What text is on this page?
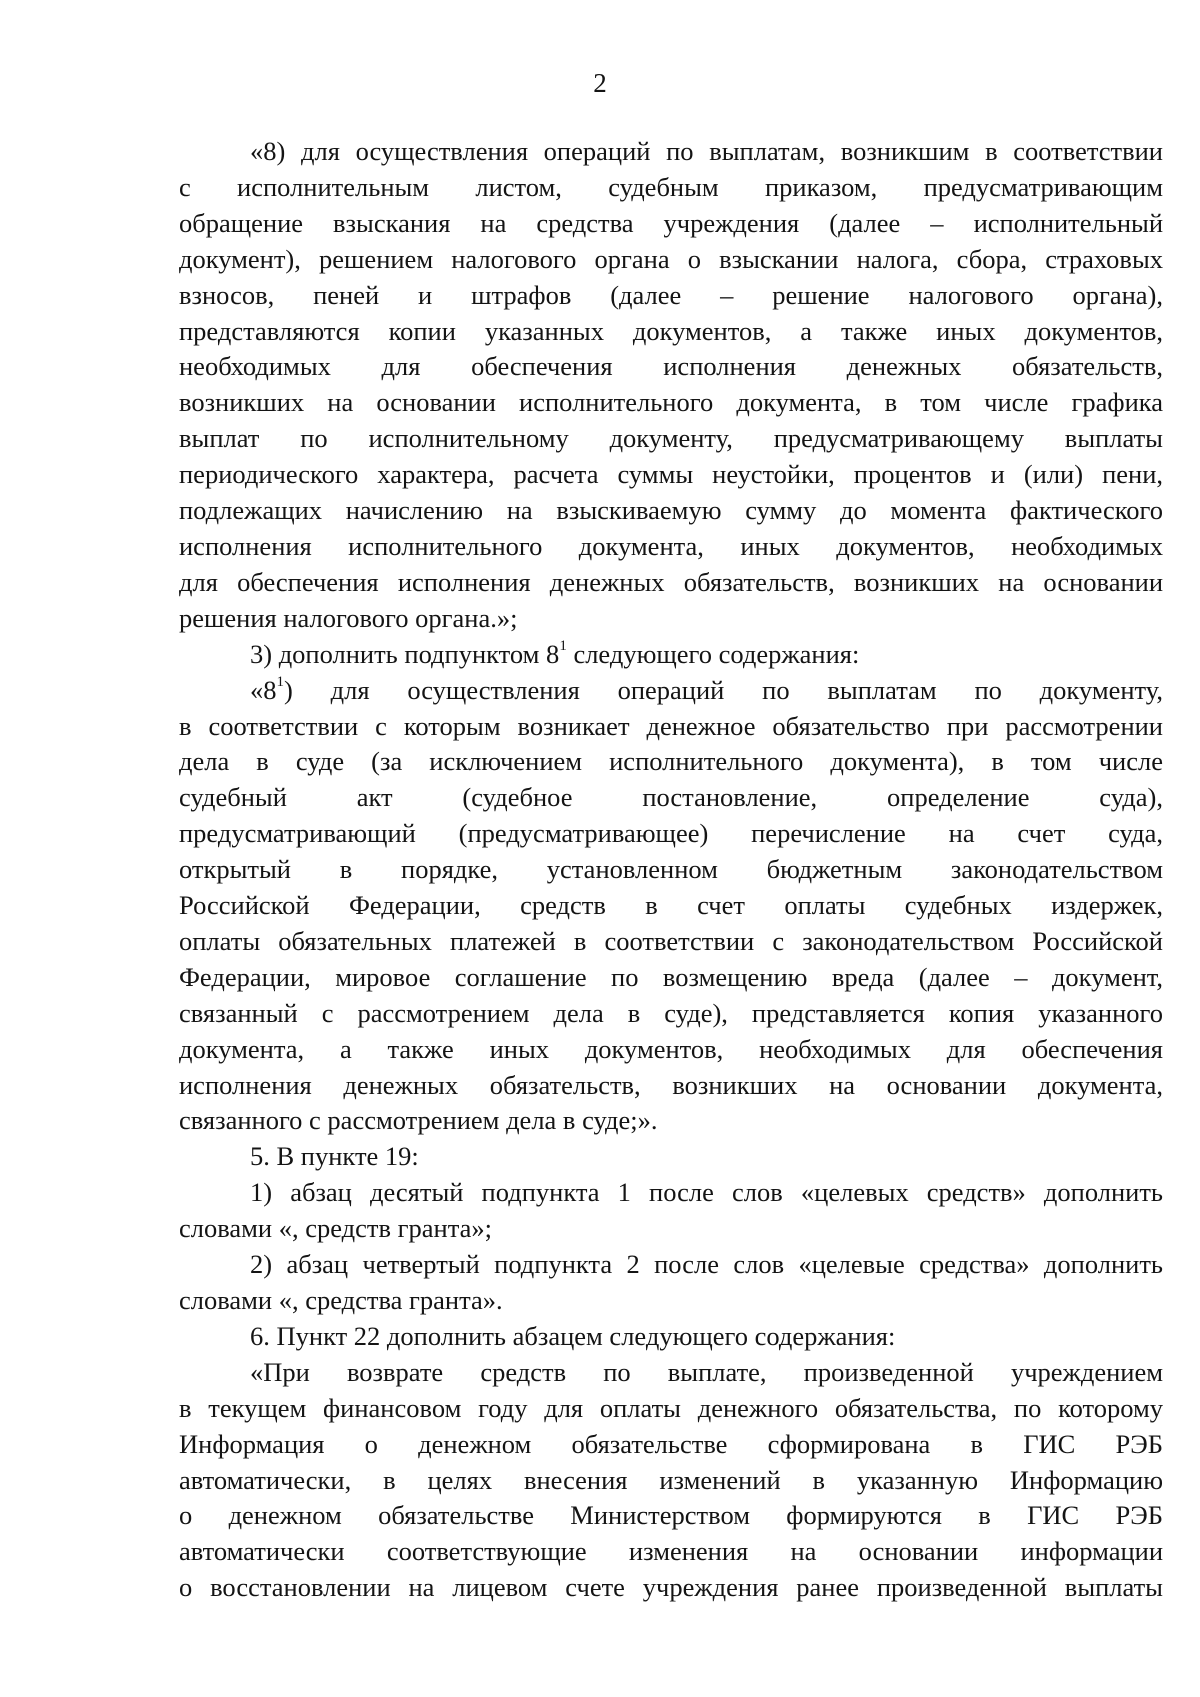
2
«8) для осуществления операций по выплатам, возникшим в соответствии
с исполнительным листом, судебным приказом, предусматривающим
обращение взыскания на средства учреждения (далее – исполнительный
документ), решением налогового органа о взыскании налога, сбора, страховых
взносов, пеней и штрафов (далее – решение налогового органа),
представляются копии указанных документов, а также иных документов,
необходимых для обеспечения исполнения денежных обязательств,
возникших на основании исполнительного документа, в том числе графика
выплат по исполнительному документу, предусматривающему выплаты
периодического характера, расчета суммы неустойки, процентов и (или) пени,
подлежащих начислению на взыскиваемую сумму до момента фактического
исполнения исполнительного документа, иных документов, необходимых
для обеспечения исполнения денежных обязательств, возникших на основании
решения налогового органа.»;
3) дополнить подпунктом $8^1$ следующего содержания:
«$8^1$) для осуществления операций по выплатам по документу,
в соответствии с которым возникает денежное обязательство при рассмотрении
дела в суде (за исключением исполнительного документа), в том числе
судебный акт (судебное постановление, определение суда),
предусматривающий (предусматривающее) перечисление на счет суда,
открытый в порядке, установленном бюджетным законодательством
Российской Федерации, средств в счет оплаты судебных издержек,
оплаты обязательных платежей в соответствии с законодательством Российской
Федерации, мировое соглашение по возмещению вреда (далее – документ,
связанный с рассмотрением дела в суде), представляется копия указанного
документа, а также иных документов, необходимых для обеспечения
исполнения денежных обязательств, возникших на основании документа,
связанного с рассмотрением дела в суде;».
5. В пункте 19:
1) абзац десятый подпункта 1 после слов «целевых средств» дополнить
словами «, средств гранта»;
2) абзац четвертый подпункта 2 после слов «целевые средства» дополнить
словами «, средства гранта».
6. Пункт 22 дополнить абзацем следующего содержания:
«При возврате средств по выплате, произведенной учреждением
в текущем финансовом году для оплаты денежного обязательства, по которому
Информация о денежном обязательстве сформирована в ГИС РЭБ
автоматически, в целях внесения изменений в указанную Информацию
о денежном обязательстве Министерством формируются в ГИС РЭБ
автоматически соответствующие изменения на основании информации
о восстановлении на лицевом счете учреждения ранее произведенной выплаты
